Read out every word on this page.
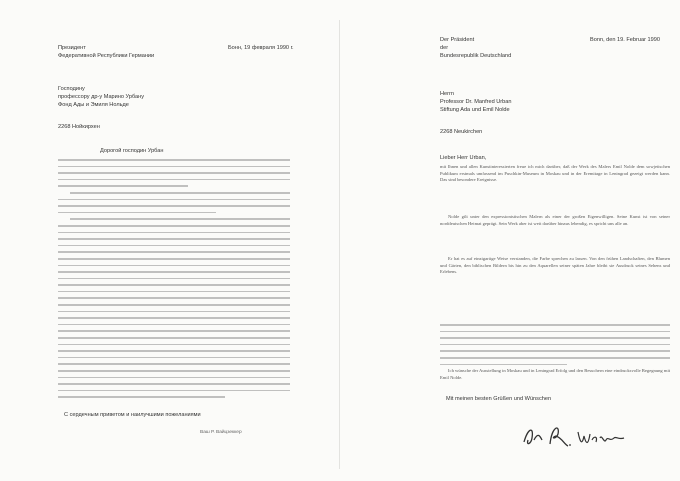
Президент
Федеративной Республики Германии
Бонн, 19 февраля 1990 г.
Господину
профессору др-у Марино Урбану
Фонд Ады и Эмиля Нольде
2268 Нойкирхен
Дорогой господин Урбан
С сердечным приветом и наилучшими пожеланиями
Ваш Р. Вайцзеккер
Der Präsident
der
Bundesrepublik Deutschland
Bonn, den 19. Februar 1990
Herrn
Professor Dr. Manfred Urban
Stiftung Ada und Emil Nolde
2268 Neukirchen
Lieber Herr Urban,
mit Ihnen und allen Kunstinteressierten freue ich mich darüber, daß der Werk des Malers Emil Nolde dem sowjetischen Publikum erstmals umfassend im Puschkin-Museum in Moskau und in der Eremitage in Leningrad gezeigt werden kann. Das sind besondere Ereignisse.
Nolde gilt unter den expressionistischen Malern als einer der großen Eigenwilligen. Seine Kunst ist von seiner norddeutschen Heimat geprägt. Sein Werk aber ist weit darüber hinaus lebendig, es spricht uns alle an.
Er hat es auf einzigartige Weise verstanden, die Farbe sprechen zu lassen. Von den frühen Landschaften, den Blumen und Gärten, den biblischen Bildern bis hin zu den Aquarellen seiner späten Jahre bleibt sie Ausdruck seines Sehens und Erlebens.
Ich wünsche der Ausstellung in Moskau und in Leningrad Erfolg und den Besuchern eine eindrucksvolle Begegnung mit Emil Nolde.
Mit meinen besten Grüßen und Wünschen
